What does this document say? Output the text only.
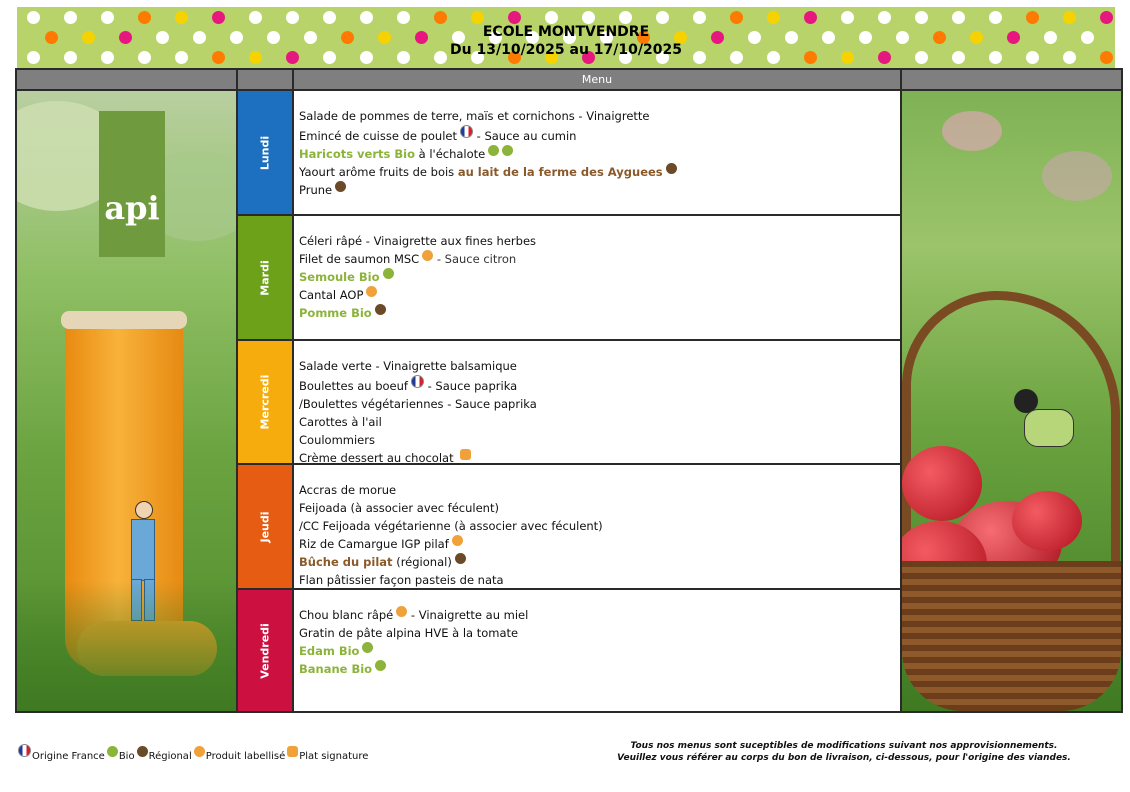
ECOLE MONTVENDRE
Du 13/10/2025 au 17/10/2025
Menu
api
Lundi
Salade de pommes de terre, maïs et cornichons - Vinaigrette
Emincé de cuisse de poulet - Sauce au cumin
Haricots verts Bio à l'échalote
Yaourt arôme fruits de bois au lait de la ferme des Ayguees
Prune
Mardi
Céleri râpé - Vinaigrette aux fines herbes
Filet de saumon MSC - Sauce citron
Semoule Bio
Cantal AOP
Pomme Bio
Mercredi
Salade verte - Vinaigrette balsamique
Boulettes au boeuf - Sauce paprika
/Boulettes végétariennes - Sauce paprika
Carottes à l'ail
Coulommiers
Crème dessert au chocolat
Jeudi
Accras de morue
Feijoada (à associer avec féculent)
/CC Feijoada végétarienne (à associer avec féculent)
Riz de Camargue IGP pilaf
Bûche du pilat (régional)
Flan pâtissier façon pasteis de nata
Vendredi
Chou blanc râpé - Vinaigrette au miel
Gratin de pâte alpina HVE à la tomate
Edam Bio
Banane Bio
Origine France Bio Régional Produit labellisé Plat signature
Tous nos menus sont suceptibles de modifications suivant nos approvisionnements.
Veuillez vous référer au corps du bon de livraison, ci-dessous, pour l'origine des viandes.
